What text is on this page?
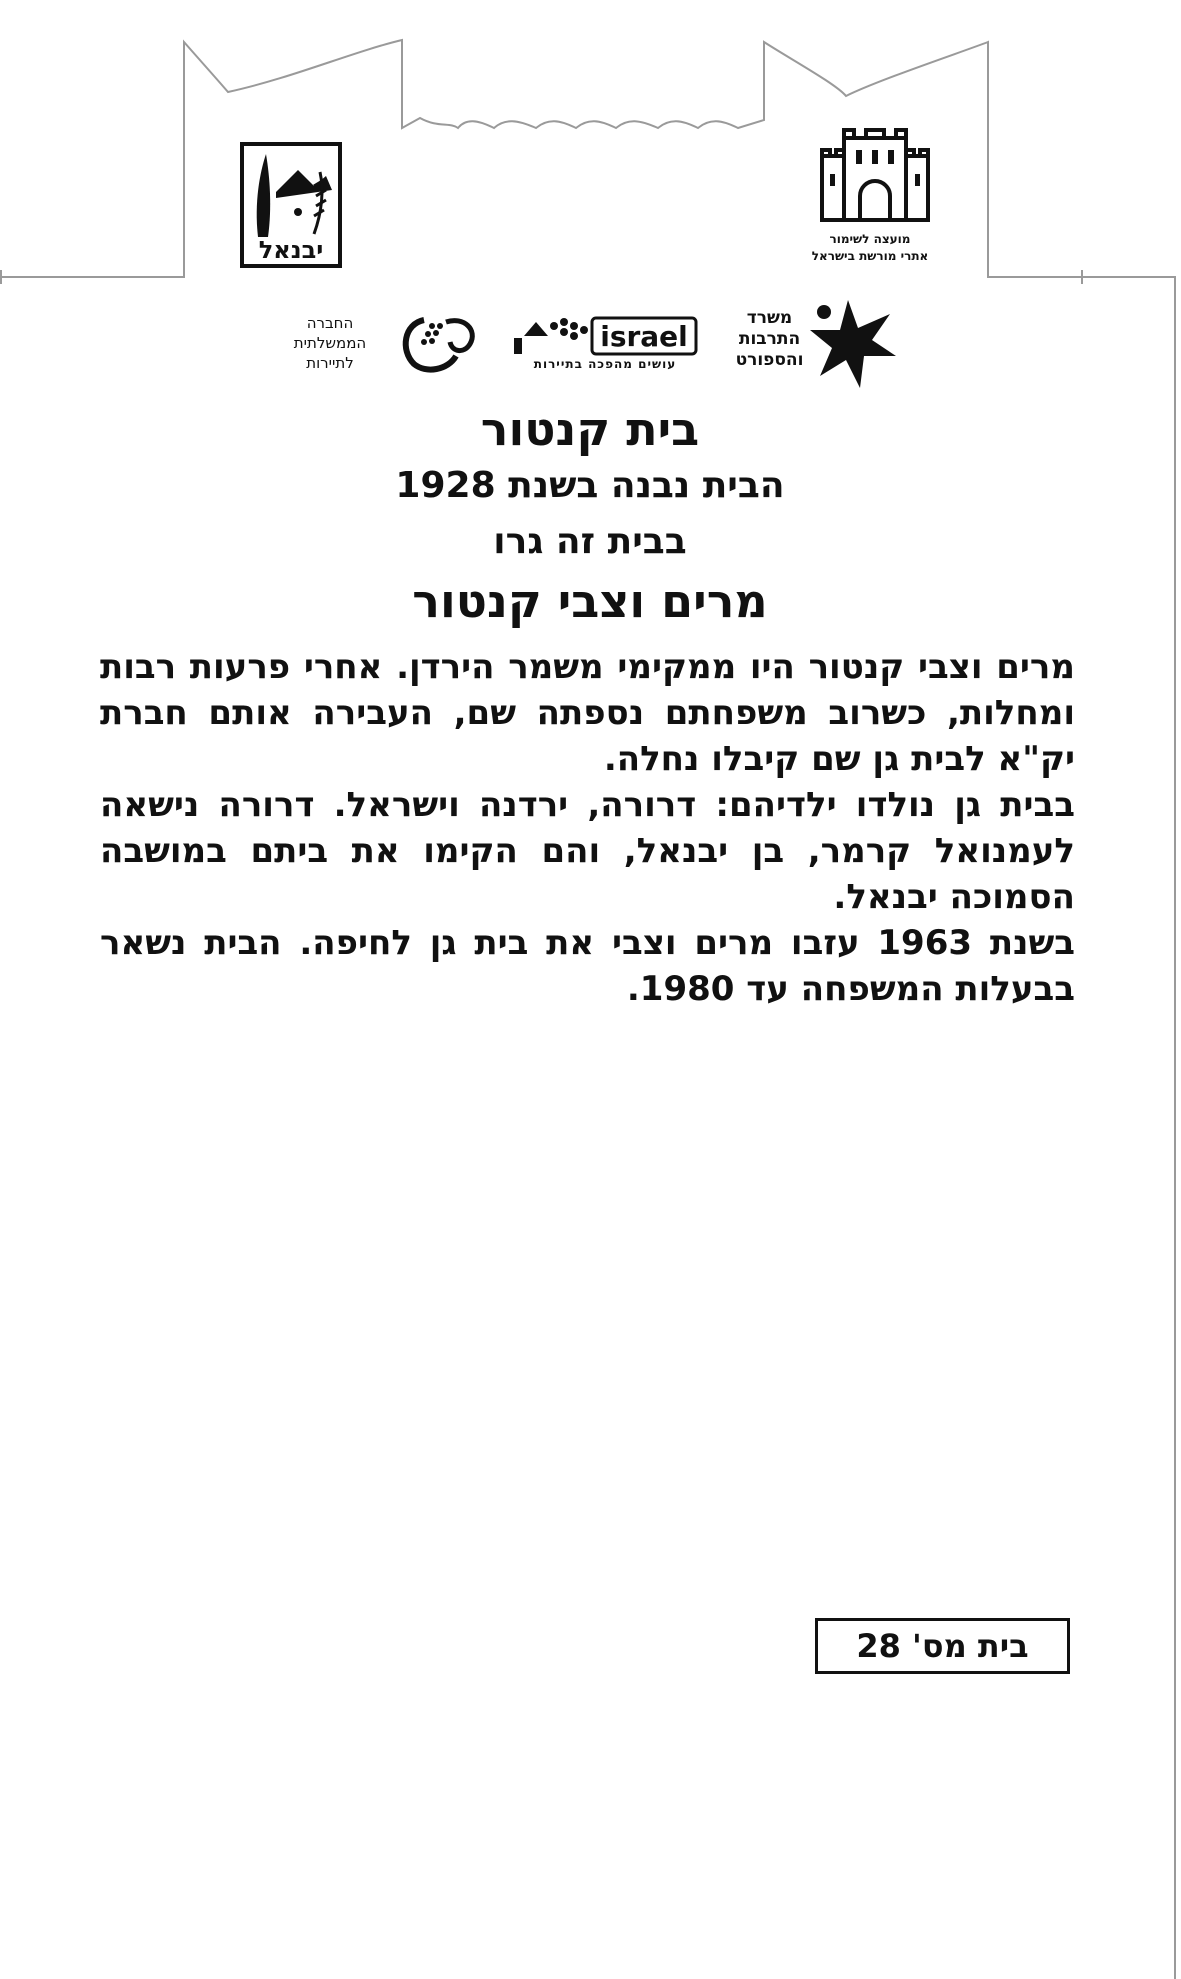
מועצה לשימור
אתרי מורשת בישראל
יבנאל
משרד
התרבות
והספורט
israel
עושים מהפכה בתיירות
החברה
הממשלתית
לתיירות
בית קנטור
הבית נבנה בשנת 1928
בבית זה גרו
מרים וצבי קנטור

מרים וצבי קנטור היו ממקימי משמר הירדן. אחרי פרעות רבות ומחלות, כשרוב משפחתם נספתה שם, העבירה אותם חברת יק"א לבית גן שם קיבלו נחלה.

בבית גן נולדו ילדיהם: דרורה, ירדנה וישראל. דרורה נישאה לעמנואל קרמר, בן יבנאל, והם הקימו את ביתם במושבה הסמוכה יבנאל.

בשנת 1963 עזבו מרים וצבי את בית גן לחיפה. הבית נשאר בבעלות המשפחה עד 1980.

בית מס' 28
